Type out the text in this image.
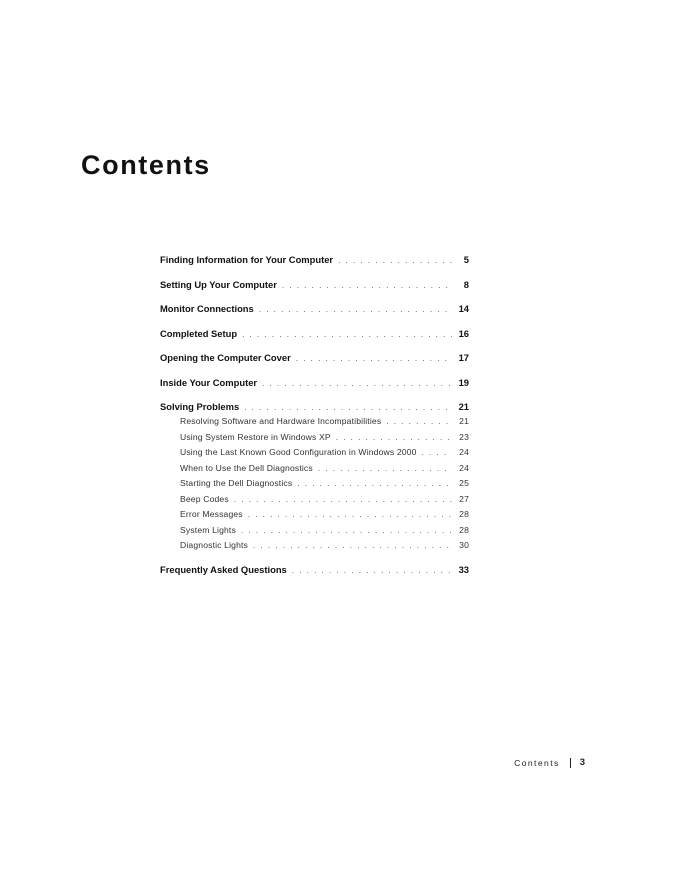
Contents
Finding Information for Your Computer . . .	5
Setting Up Your Computer . . .	8
Monitor Connections . . .	14
Completed Setup . . .	16
Opening the Computer Cover . . .	17
Inside Your Computer . . .	19
Solving Problems . . .	21
Resolving Software and Hardware Incompatibilities . . .	21
Using System Restore in Windows XP . . .	23
Using the Last Known Good Configuration in Windows 2000 . . .	24
When to Use the Dell Diagnostics . . .	24
Starting the Dell Diagnostics . . .	25
Beep Codes . . .	27
Error Messages . . .	28
System Lights . . .	28
Diagnostic Lights . . .	30
Frequently Asked Questions . . .	33
Contents 3
